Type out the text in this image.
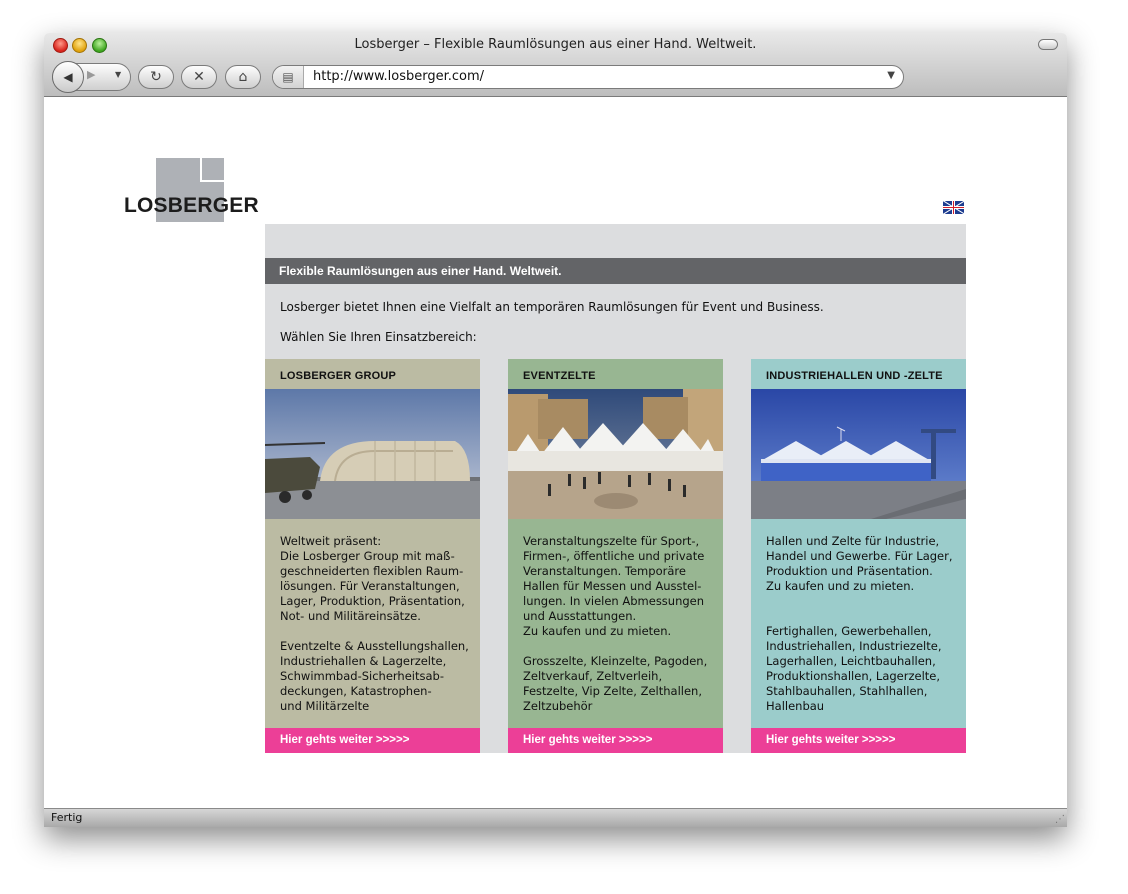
Losberger – Flexible Raumlösungen aus einer Hand. Weltweit.
◀ ▶ ▼ ↻ ✕ ⌂	▤	http://www.losberger.com/	▼
LOSBERGER
Flexible Raumlösungen aus einer Hand. Weltweit.
Losberger bietet Ihnen eine Vielfalt an temporären Raumlösungen für Event und Business.
Wählen Sie Ihren Einsatzbereich:
LOSBERGER GROUP
Weltweit präsent:
Die Losberger Group mit maß-
geschneiderten flexiblen Raum-
lösungen. Für Veranstaltungen,
Lager, Produktion, Präsentation,
Not- und Militäreinsätze.

Eventzelte & Ausstellungshallen,
Industriehallen & Lagerzelte,
Schwimmbad-Sicherheitsab-
deckungen, Katastrophen-
und Militärzelte
Hier gehts weiter >>>>>
EVENTZELTE
Veranstaltungszelte für Sport-,
Firmen-, öffentliche und private
Veranstaltungen. Temporäre
Hallen für Messen und Ausstel-
lungen. In vielen Abmessungen
und Ausstattungen.
Zu kaufen und zu mieten.

Grosszelte, Kleinzelte, Pagoden,
Zeltverkauf, Zeltverleih,
Festzelte, Vip Zelte, Zelthallen,
Zeltzubehör
Hier gehts weiter >>>>>
INDUSTRIEHALLEN UND -ZELTE
Hallen und Zelte für Industrie,
Handel und Gewerbe. Für Lager,
Produktion und Präsentation.
Zu kaufen und zu mieten.

Fertighallen, Gewerbehallen,
Industriehallen, Industriezelte,
Lagerhallen, Leichtbauhallen,
Produktionshallen, Lagerzelte,
Stahlbauhallen, Stahlhallen,
Hallenbau
Hier gehts weiter >>>>>
Fertig	⋰
